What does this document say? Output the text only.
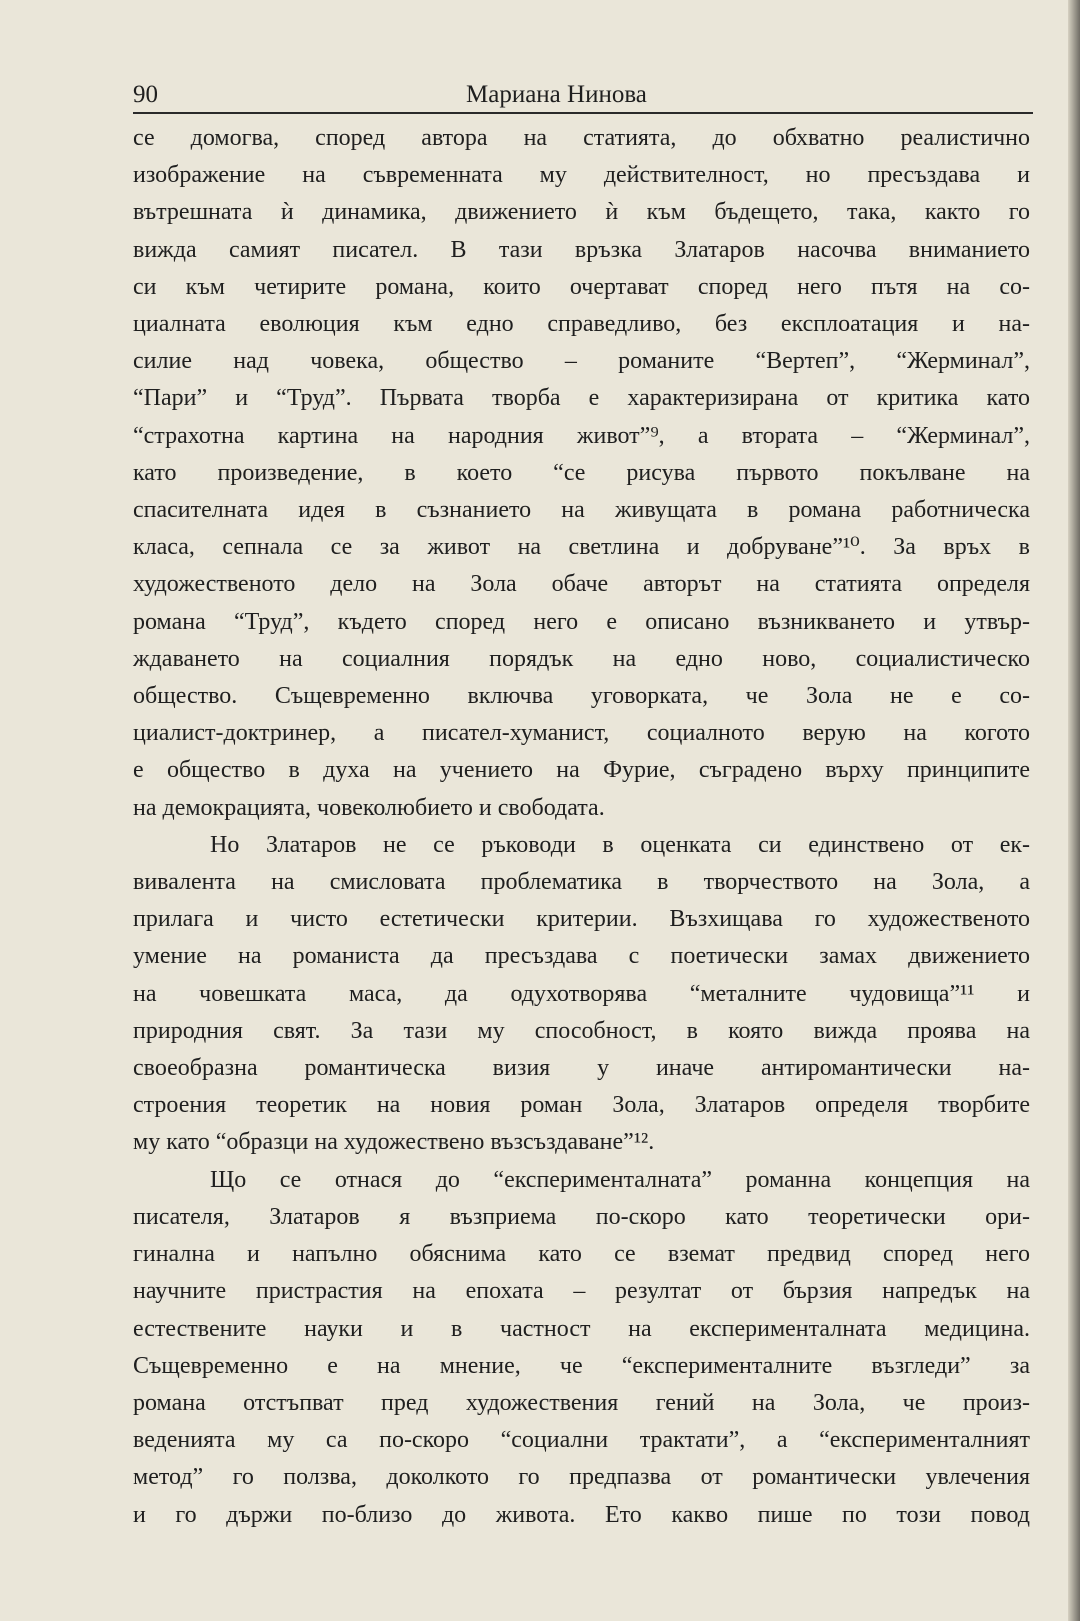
90	Мариана Нинова
се домогва, според автора на статията, до обхватно реалистично
изображение на съвременната му действителност, но пресъздава и
вътрешната ѝ динамика, движението ѝ към бъдещето, така, както го
вижда самият писател. В тази връзка Златаров насочва вниманието
си към четирите романа, които очертават според него пътя на со-
циалната еволюция към едно справедливо, без експлоатация и на-
силие над човека, общество – романите “Вертеп”, “Жерминал”,
“Пари” и “Труд”. Първата творба е характеризирана от критика като
“страхотна картина на народния живот”⁹, а втората – “Жерминал”,
като произведение, в което “се рисува първото покълване на
спасителната идея в съзнанието на живущата в романа работническа
класа, сепнала се за живот на светлина и добруване”¹⁰. За връх в
художественото дело на Зола обаче авторът на статията определя
романа “Труд”, където според него е описано възникването и утвър-
ждаването на социалния порядък на едно ново, социалистическо
общество. Същевременно включва уговорката, че Зола не е со-
циалист-доктринер, а писател-хуманист, социалното верую на когото
е общество в духа на учението на Фурие, съградено върху принципите
на демокрацията, човеколюбието и свободата.
Но Златаров не се ръководи в оценката си единствено от ек-
вивалента на смисловата проблематика в творчеството на Зола, а
прилага и чисто естетически критерии. Възхищава го художественото
умение на романиста да пресъздава с поетически замах движението
на човешката маса, да одухотворява “металните чудовища”¹¹ и
природния свят. За тази му способност, в която вижда проява на
своеобразна романтическа визия у иначе антиромантически на-
строения теоретик на новия роман Зола, Златаров определя творбите
му като “образци на художествено възсъздаване”¹².
Що се отнася до “експерименталната” романна концепция на
писателя, Златаров я възприема по-скоро като теоретически ори-
гинална и напълно обяснима като се вземат предвид според него
научните пристрастия на епохата – резултат от бързия напредък на
естествените науки и в частност на експерименталната медицина.
Същевременно е на мнение, че “експерименталните възгледи” за
романа отстъпват пред художествения гений на Зола, че произ-
веденията му са по-скоро “социални трактати”, а “експерименталният
метод” го ползва, доколкото го предпазва от романтически увлечения
и го държи по-близо до живота. Ето какво пише по този повод
